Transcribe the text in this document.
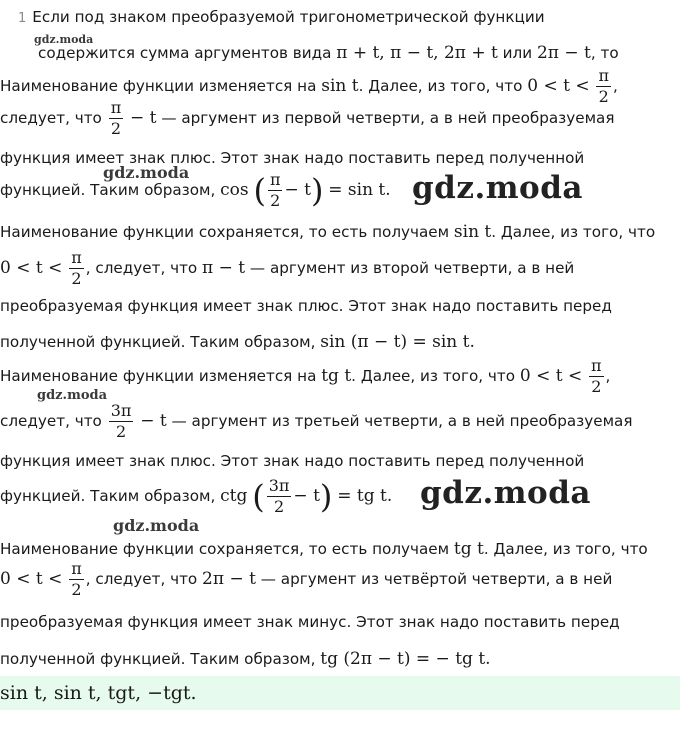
1 Если под знаком преобразуемой тригонометрической функции
содержится сумма аргументов вида π + t, π − t, 2π + t или 2π − t, то
Наименование функции изменяется на sin t. Далее, из того, что $0 < t < \frac{\pi}{2}$ ,
следует, что $\frac{\pi}{2} - t$ — аргумент из первой четверти, а в ней преобразуемая
функция имеет знак плюс. Этот знак надо поставить перед полученной
функцией. Таким образом, cos ( $\frac{\pi}{2} - t) = \sin t$.
Наименование функции сохраняется, то есть получаем sin t. Далее, из того, что
$0 < t < \frac{\pi}{2}$ , следует, что π − t — аргумент из второй четверти, а в ней
преобразуемая функция имеет знак плюс. Этот знак надо поставить перед
полученной функцией. Таким образом, sin (π − t) = sin t.
Наименование функции изменяется на tg t. Далее, из того, что $0 < t < \frac{\pi}{2}$ ,
следует, что $\frac{3\pi}{2} - t$ — аргумент из третьей четверти, а в ней преобразуемая
функция имеет знак плюс. Этот знак надо поставить перед полученной
функцией. Таким образом, ctg ( $\frac{3\pi}{2} - t$) = tg t.
Наименование функции сохраняется, то есть получаем tg t. Далее, из того, что
$0 < t < \frac{\pi}{2}$ , следует, что 2π − t — аргумент из четвёртой четверти, а в ней
преобразуемая функция имеет знак минус. Этот знак надо поставить перед
полученной функцией. Таким образом, tg (2π − t) = − tg t.
sin t, sin t, tgt, −tgt.
gdz.moda
gdz.moda	gdz.moda
gdz.moda
gdz.moda
gdz.moda
